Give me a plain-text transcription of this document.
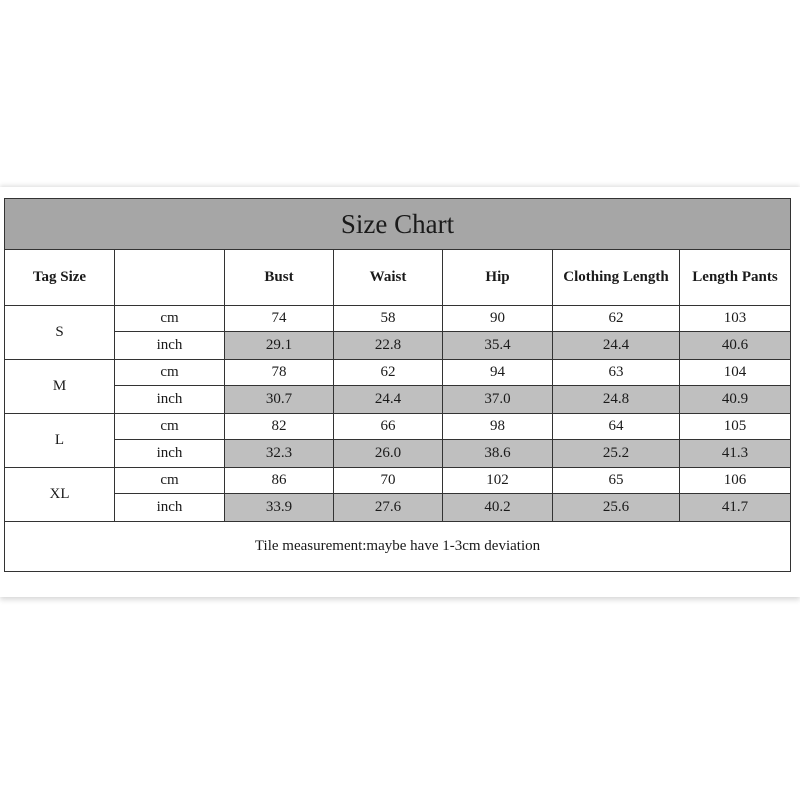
Size Chart						
Tag Size		Bust	Waist	Hip	Clothing Length	Length Pants
S	cm	74	58	90	62	103
	inch	29.1	22.8	35.4	24.4	40.6
M	cm	78	62	94	63	104
	inch	30.7	24.4	37.0	24.8	40.9
L	cm	82	66	98	64	105
	inch	32.3	26.0	38.6	25.2	41.3
XL	cm	86	70	102	65	106
	inch	33.9	27.6	40.2	25.6	41.7
Tile measurement:maybe have 1-3cm deviation						
